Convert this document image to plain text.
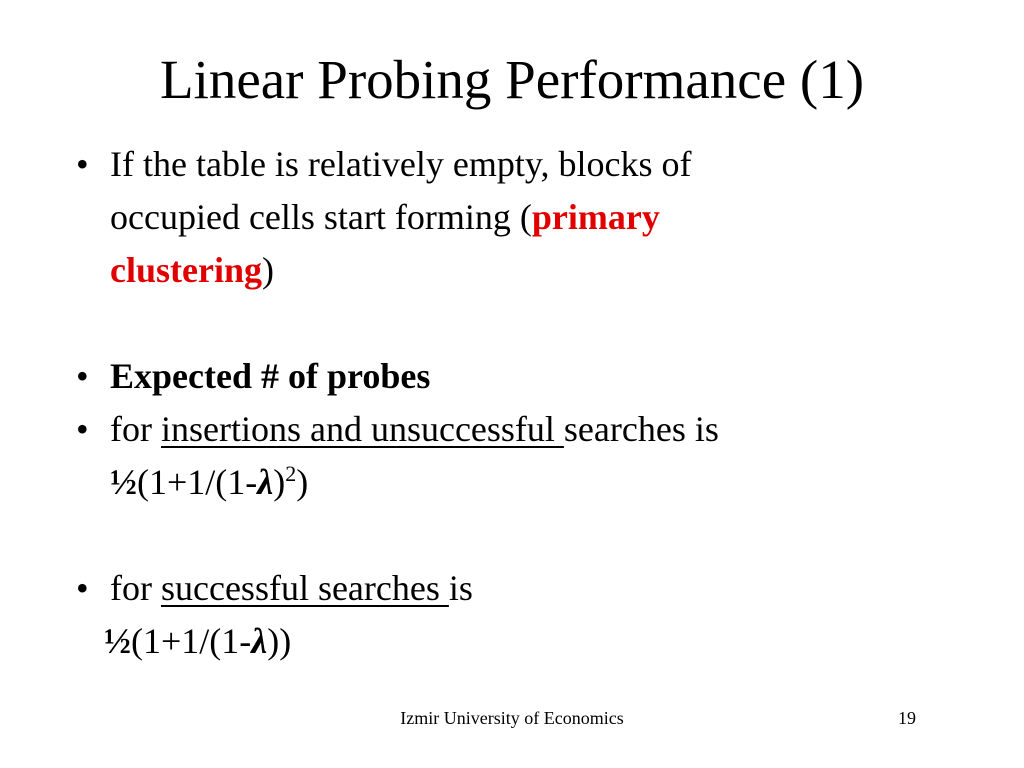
Linear Probing Performance (1)
• If the table is relatively empty, blocks of
occupied cells start forming (primary
clustering)
• Expected # of probes
• for insertions and unsuccessful searches is
$\frac{1}{2}(1+1/(1-\lambda)^2)$
• for successful searches is
½(1+1/(1-λ))
Izmir University of Economics	19
